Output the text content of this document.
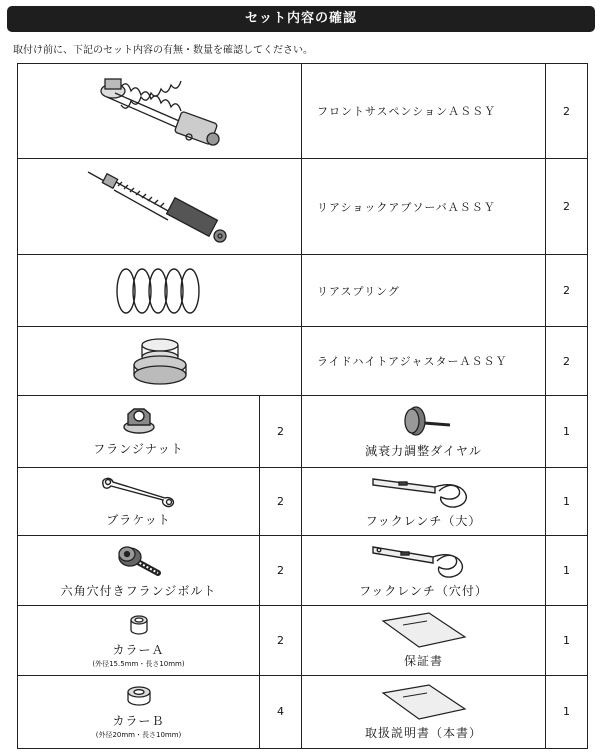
セット内容の確認
取付け前に、下記のセット内容の有無・数量を確認してください。
	フロントサスペンションＡＳＳＹ	2

	リアショックアブソーバＡＳＳＹ	2

	リアスプリング	2

	ライドハイトアジャスターＡＳＳＹ	2

フランジナット	2	減衰力調整ダイヤル	1

ブラケット	2	フックレンチ（大）	1

六角穴付きフランジボルト	2	フックレンチ（穴付）	1

カラーＡ
(外径15.5mm・長さ10mm)	2	保証書	1

カラーＢ
(外径20mm・長さ10mm)	4	取扱説明書（本書）	1
